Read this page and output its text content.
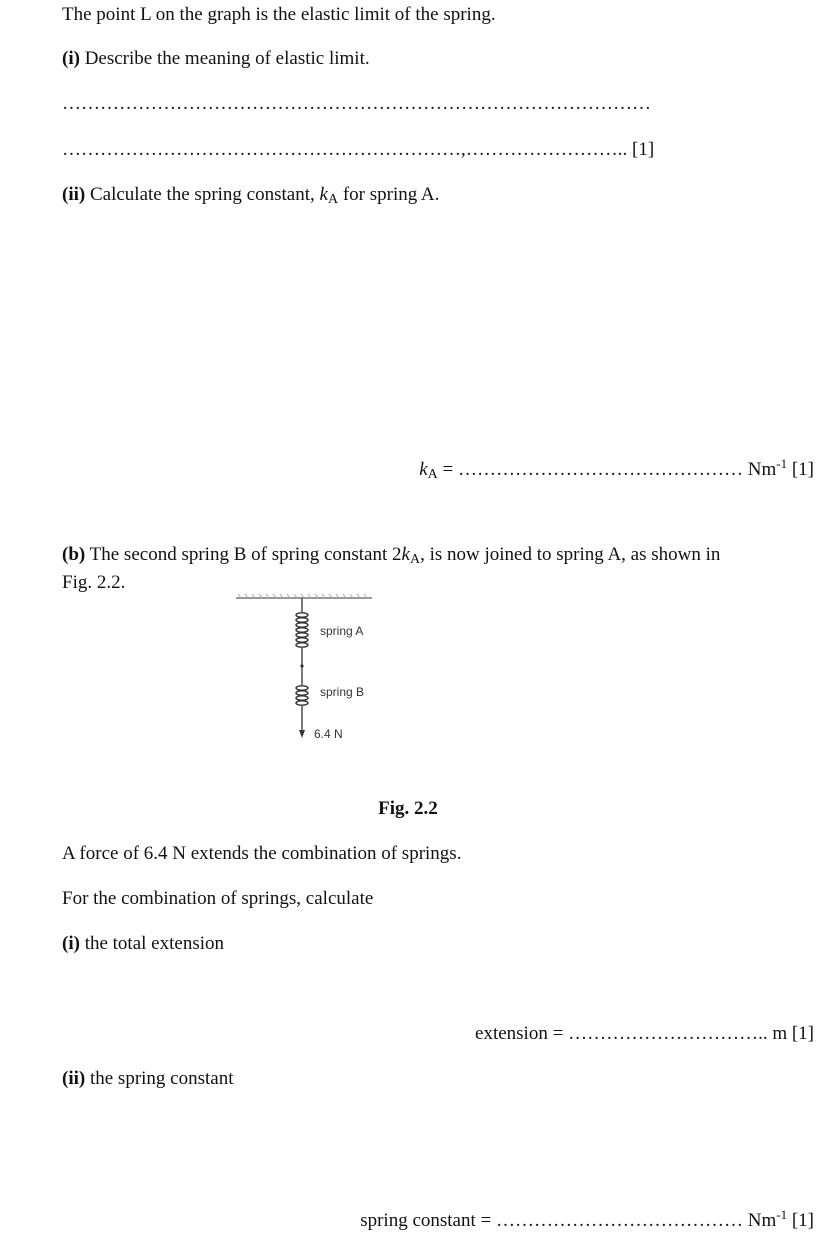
The point L on the graph is the elastic limit of the spring.
(i) Describe the meaning of elastic limit.
…………………………………………………………………………………
………………………………………………………,…………………….. [1]
(ii) Calculate the spring constant, $k_A$ for spring A.
$k_A$ = ……………………………………… $Nm^{-1}$ [1]
(b) The second spring B of spring constant $2k_A$, is now joined to spring A, as shown in
Fig. 2.2.
spring A
spring B
6.4 N
Fig. 2.2
A force of 6.4 N extends the combination of springs.
For the combination of springs, calculate
(i) the total extension
extension = ………………………….. m [1]
(ii) the spring constant
spring constant = ………………………………… $Nm^{-1}$ [1]
